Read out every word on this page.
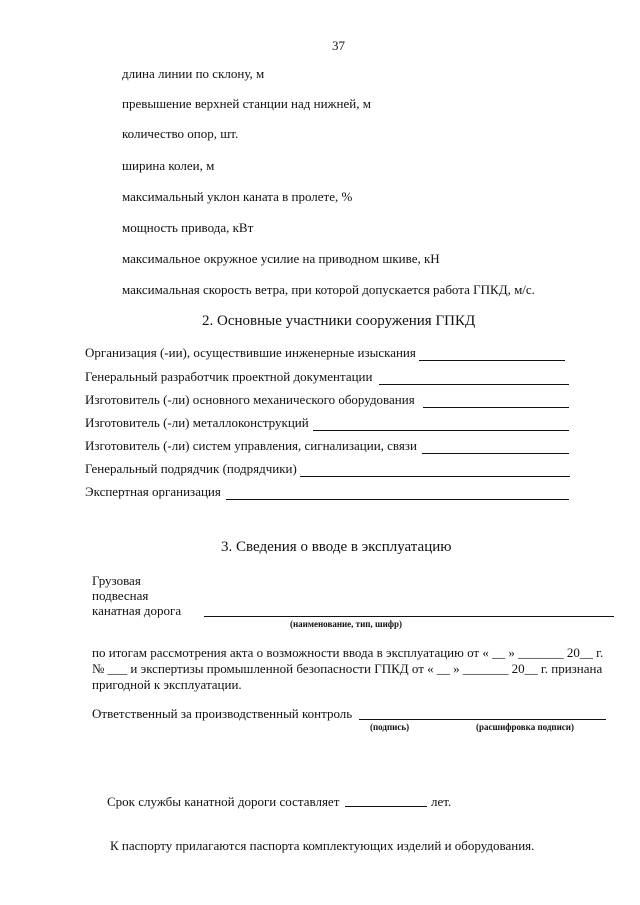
37
длина линии по склону, м
превышение верхней станции над нижней, м
количество опор, шт.
ширина колеи, м
максимальный уклон каната в пролете, %
мощность привода, кВт
максимальное окружное усилие на приводном шкиве, кН
максимальная скорость ветра, при которой допускается работа ГПКД, м/с.
2. Основные участники сооружения ГПКД
Организация (-ии), осуществившие инженерные изыскания
Генеральный разработчик проектной документации
Изготовитель (-ли) основного механического оборудования
Изготовитель (-ли) металлоконструкций
Изготовитель (-ли) систем управления, сигнализации, связи
Генеральный подрядчик (подрядчики)
Экспертная организация
3. Сведения о вводе в эксплуатацию
Грузовая
подвесная
канатная дорога
(наименование, тип, шифр)
по итогам рассмотрения акта о возможности ввода в эксплуатацию от « __ » _______ 20__ г.
№ ___ и экспертизы промышленной безопасности ГПКД от « __ » _______ 20__ г. признана
пригодной к эксплуатации.
Ответственный за производственный контроль
(подпись)	(расшифровка подписи)
Срок службы канатной дороги составляет	лет.
К паспорту прилагаются паспорта комплектующих изделий и оборудования.
